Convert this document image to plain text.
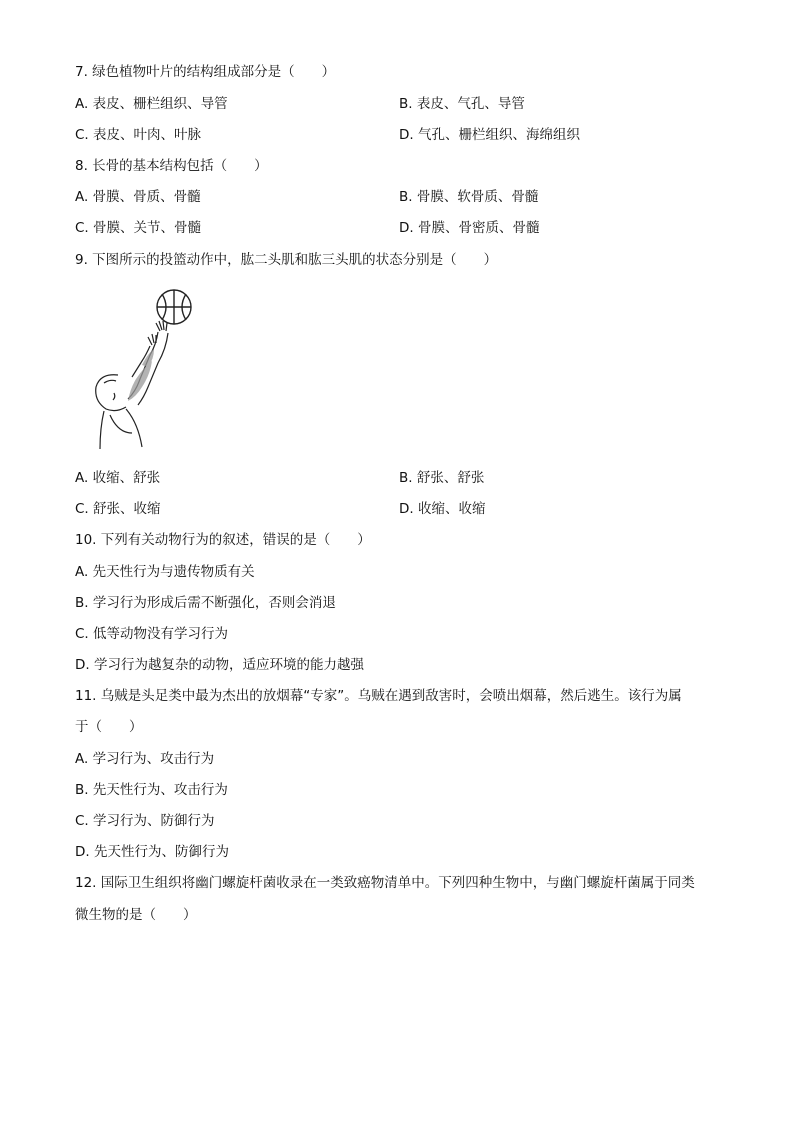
7. 绿色植物叶片的结构组成部分是（　　）
A. 表皮、栅栏组织、导管	B. 表皮、气孔、导管
C. 表皮、叶肉、叶脉	D. 气孔、栅栏组织、海绵组织
8. 长骨的基本结构包括（　　）
A. 骨膜、骨质、骨髓	B. 骨膜、软骨质、骨髓
C. 骨膜、关节、骨髓	D. 骨膜、骨密质、骨髓
9. 下图所示的投篮动作中，肱二头肌和肱三头肌的状态分别是（　　）
A. 收缩、舒张	B. 舒张、舒张
C. 舒张、收缩	D. 收缩、收缩
10. 下列有关动物行为的叙述，错误的是（　　）
A. 先天性行为与遗传物质有关
B. 学习行为形成后需不断强化，否则会消退
C. 低等动物没有学习行为
D. 学习行为越复杂的动物，适应环境的能力越强
11. 乌贼是头足类中最为杰出的放烟幕“专家”。乌贼在遇到敌害时，会喷出烟幕，然后逃生。该行为属
于（　　）
A. 学习行为、攻击行为
B. 先天性行为、攻击行为
C. 学习行为、防御行为
D. 先天性行为、防御行为
12. 国际卫生组织将幽门螺旋杆菌收录在一类致癌物清单中。下列四种生物中，与幽门螺旋杆菌属于同类
微生物的是（　　）
